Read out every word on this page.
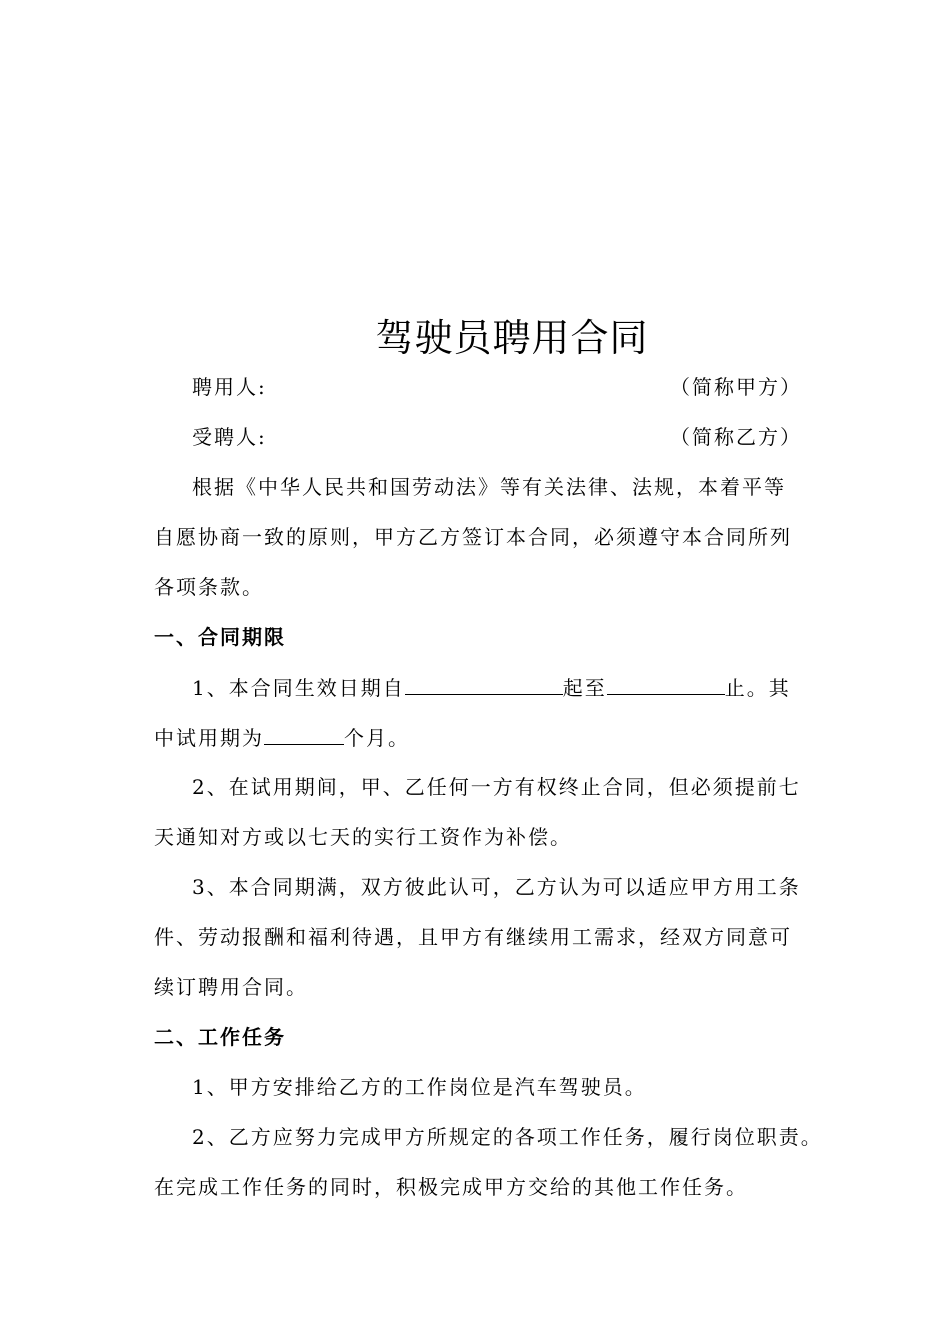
驾驶员聘用合同
聘用人:	（简称甲方）
受聘人:	（简称乙方）
根据《中华人民共和国劳动法》等有关法律、法规，本着平等
自愿协商一致的原则，甲方乙方签订本合同，必须遵守本合同所列
各项条款。
一、合同期限
1、本合同生效日期自	起至	止。其
中试用期为	个月。
2、在试用期间，甲、乙任何一方有权终止合同，但必须提前七
天通知对方或以七天的实行工资作为补偿。
3、本合同期满，双方彼此认可，乙方认为可以适应甲方用工条
件、劳动报酬和福利待遇，且甲方有继续用工需求，经双方同意可
续订聘用合同。
二、工作任务
1、甲方安排给乙方的工作岗位是汽车驾驶员。
2、乙方应努力完成甲方所规定的各项工作任务，履行岗位职责。
在完成工作任务的同时，积极完成甲方交给的其他工作任务。
